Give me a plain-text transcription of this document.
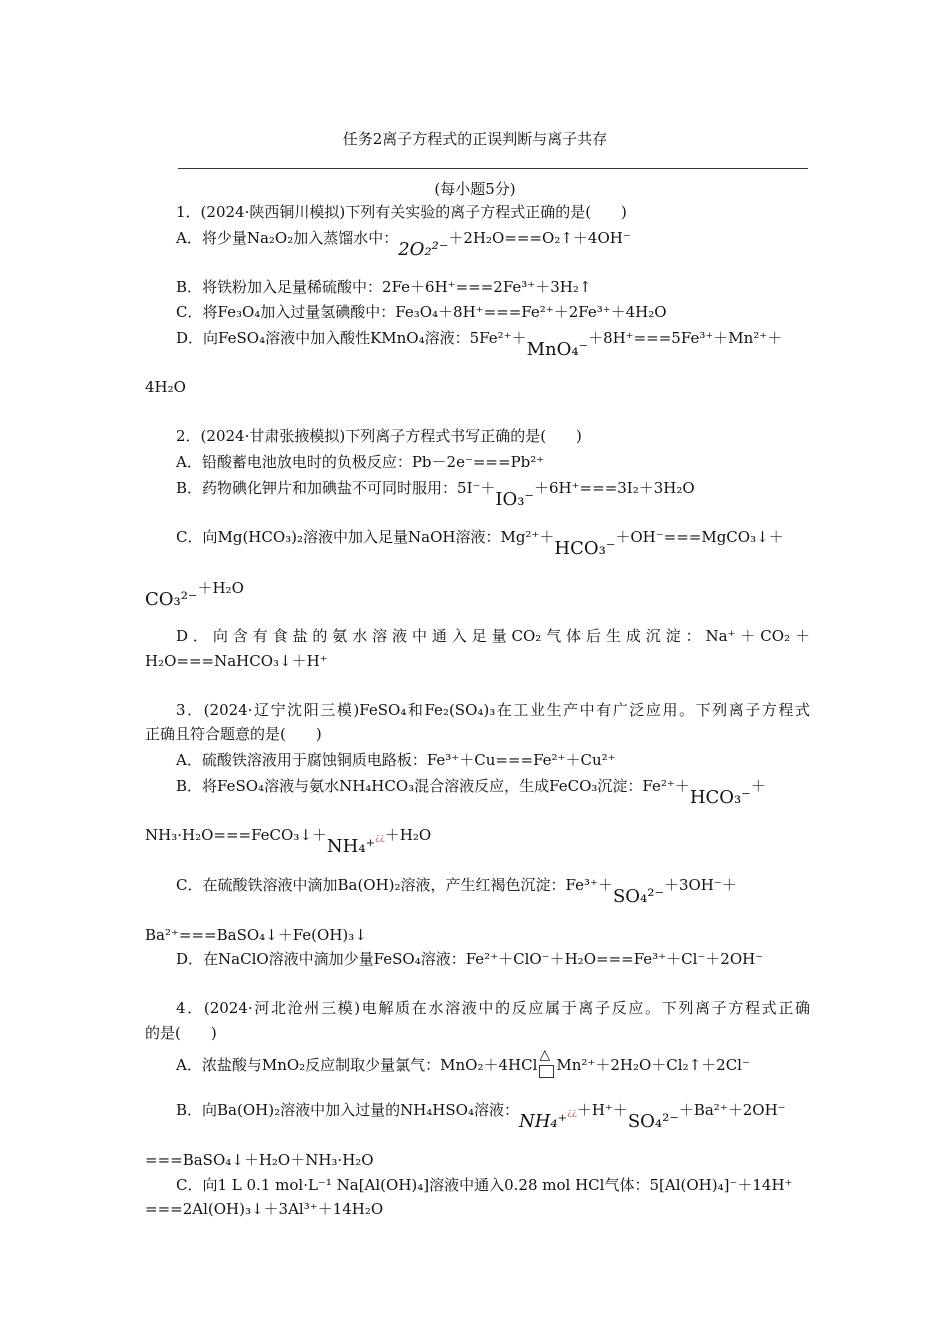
任务2离子方程式的正误判断与离子共存
(每小题5分)
1．(2024·陕西铜川模拟)下列有关实验的离子方程式正确的是(　　)
A．将少量Na₂O₂加入蒸馏水中：2O₂²⁻＋2H₂O===O₂↑＋4OH⁻
B．将铁粉加入足量稀硫酸中：2Fe＋6H⁺===2Fe³⁺＋3H₂↑
C．将Fe₃O₄加入过量氢碘酸中：Fe₃O₄＋8H⁺===Fe²⁺＋2Fe³⁺＋4H₂O
D．向FeSO₄溶液中加入酸性KMnO₄溶液：5Fe²⁺＋MnO₄⁻＋8H⁺===5Fe³⁺＋Mn²⁺＋
4H₂O
2．(2024·甘肃张掖模拟)下列离子方程式书写正确的是(　　)
A．铅酸蓄电池放电时的负极反应：Pb－2e⁻===Pb²⁺
B．药物碘化钾片和加碘盐不可同时服用：5I⁻＋IO₃⁻＋6H⁺===3I₂＋3H₂O
C．向Mg(HCO₃)₂溶液中加入足量NaOH溶液：Mg²⁺＋HCO₃⁻＋OH⁻===MgCO₃↓＋
CO₃²⁻＋H₂O
D．向含有食盐的氨水溶液中通入足量CO₂气体后生成沉淀：Na⁺＋CO₂＋
H₂O===NaHCO₃↓＋H⁺
3．(2024·辽宁沈阳三模)FeSO₄和Fe₂(SO₄)₃在工业生产中有广泛应用。下列离子方程式
正确且符合题意的是(　　)
A．硫酸铁溶液用于腐蚀铜质电路板：Fe³⁺＋Cu===Fe²⁺＋Cu²⁺
B．将FeSO₄溶液与氨水NH₄HCO₃混合溶液反应，生成FeCO₃沉淀：Fe²⁺＋HCO₃⁻＋
NH₃·H₂O===FeCO₃↓＋NH₄⁺¿¿＋H₂O
C．在硫酸铁溶液中滴加Ba(OH)₂溶液，产生红褐色沉淀：Fe³⁺＋SO₄²⁻＋3OH⁻＋
Ba²⁺===BaSO₄↓＋Fe(OH)₃↓
D．在NaClO溶液中滴加少量FeSO₄溶液：Fe²⁺＋ClO⁻＋H₂O===Fe³⁺＋Cl⁻＋2OH⁻
4．(2024·河北沧州三模)电解质在水溶液中的反应属于离子反应。下列离子方程式正确
的是(　　)
A．浓盐酸与MnO₂反应制取少量氯气：MnO₂＋4HCl
△
Mn²⁺＋2H₂O＋Cl₂↑＋2Cl⁻
B．向Ba(OH)₂溶液中加入过量的NH₄HSO₄溶液：NH₄⁺¿¿＋H⁺＋SO₄²⁻＋Ba²⁺＋2OH⁻
===BaSO₄↓＋H₂O＋NH₃·H₂O
C．向1 L 0.1 mol·L⁻¹ Na[Al(OH)₄]溶液中通入0.28 mol HCl气体：5[Al(OH)₄]⁻＋14H⁺
===2Al(OH)₃↓＋3Al³⁺＋14H₂O
